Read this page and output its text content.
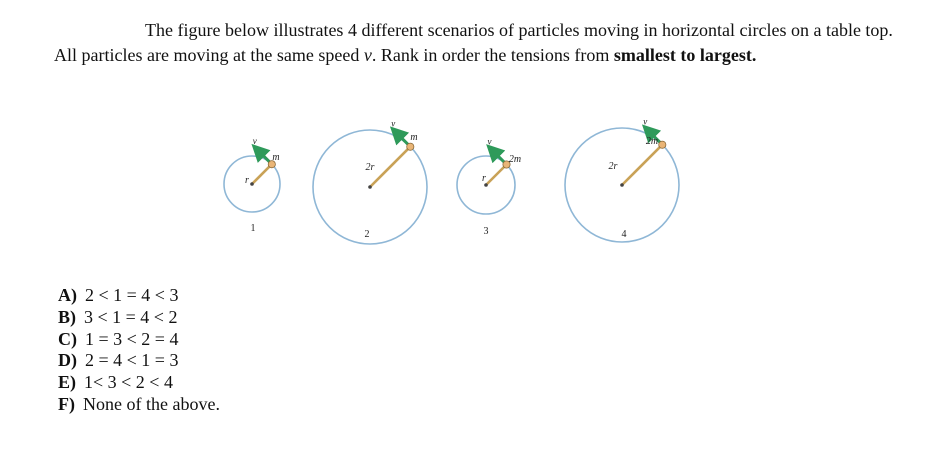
The figure below illustrates 4 different scenarios of particles moving in horizontal circles on a table top. All particles are moving at the same speed v. Rank in order the tensions from smallest to largest.

v
m
r
1
v
m
2r
2
v
2m
r
3
v
2m
2r
4
A) 2 < 1 = 4 < 3
B) 3 < 1 = 4 < 2
C) 1 = 3 < 2 = 4
D) 2 = 4 < 1 = 3
E) 1< 3 < 2 < 4
F) None of the above.
